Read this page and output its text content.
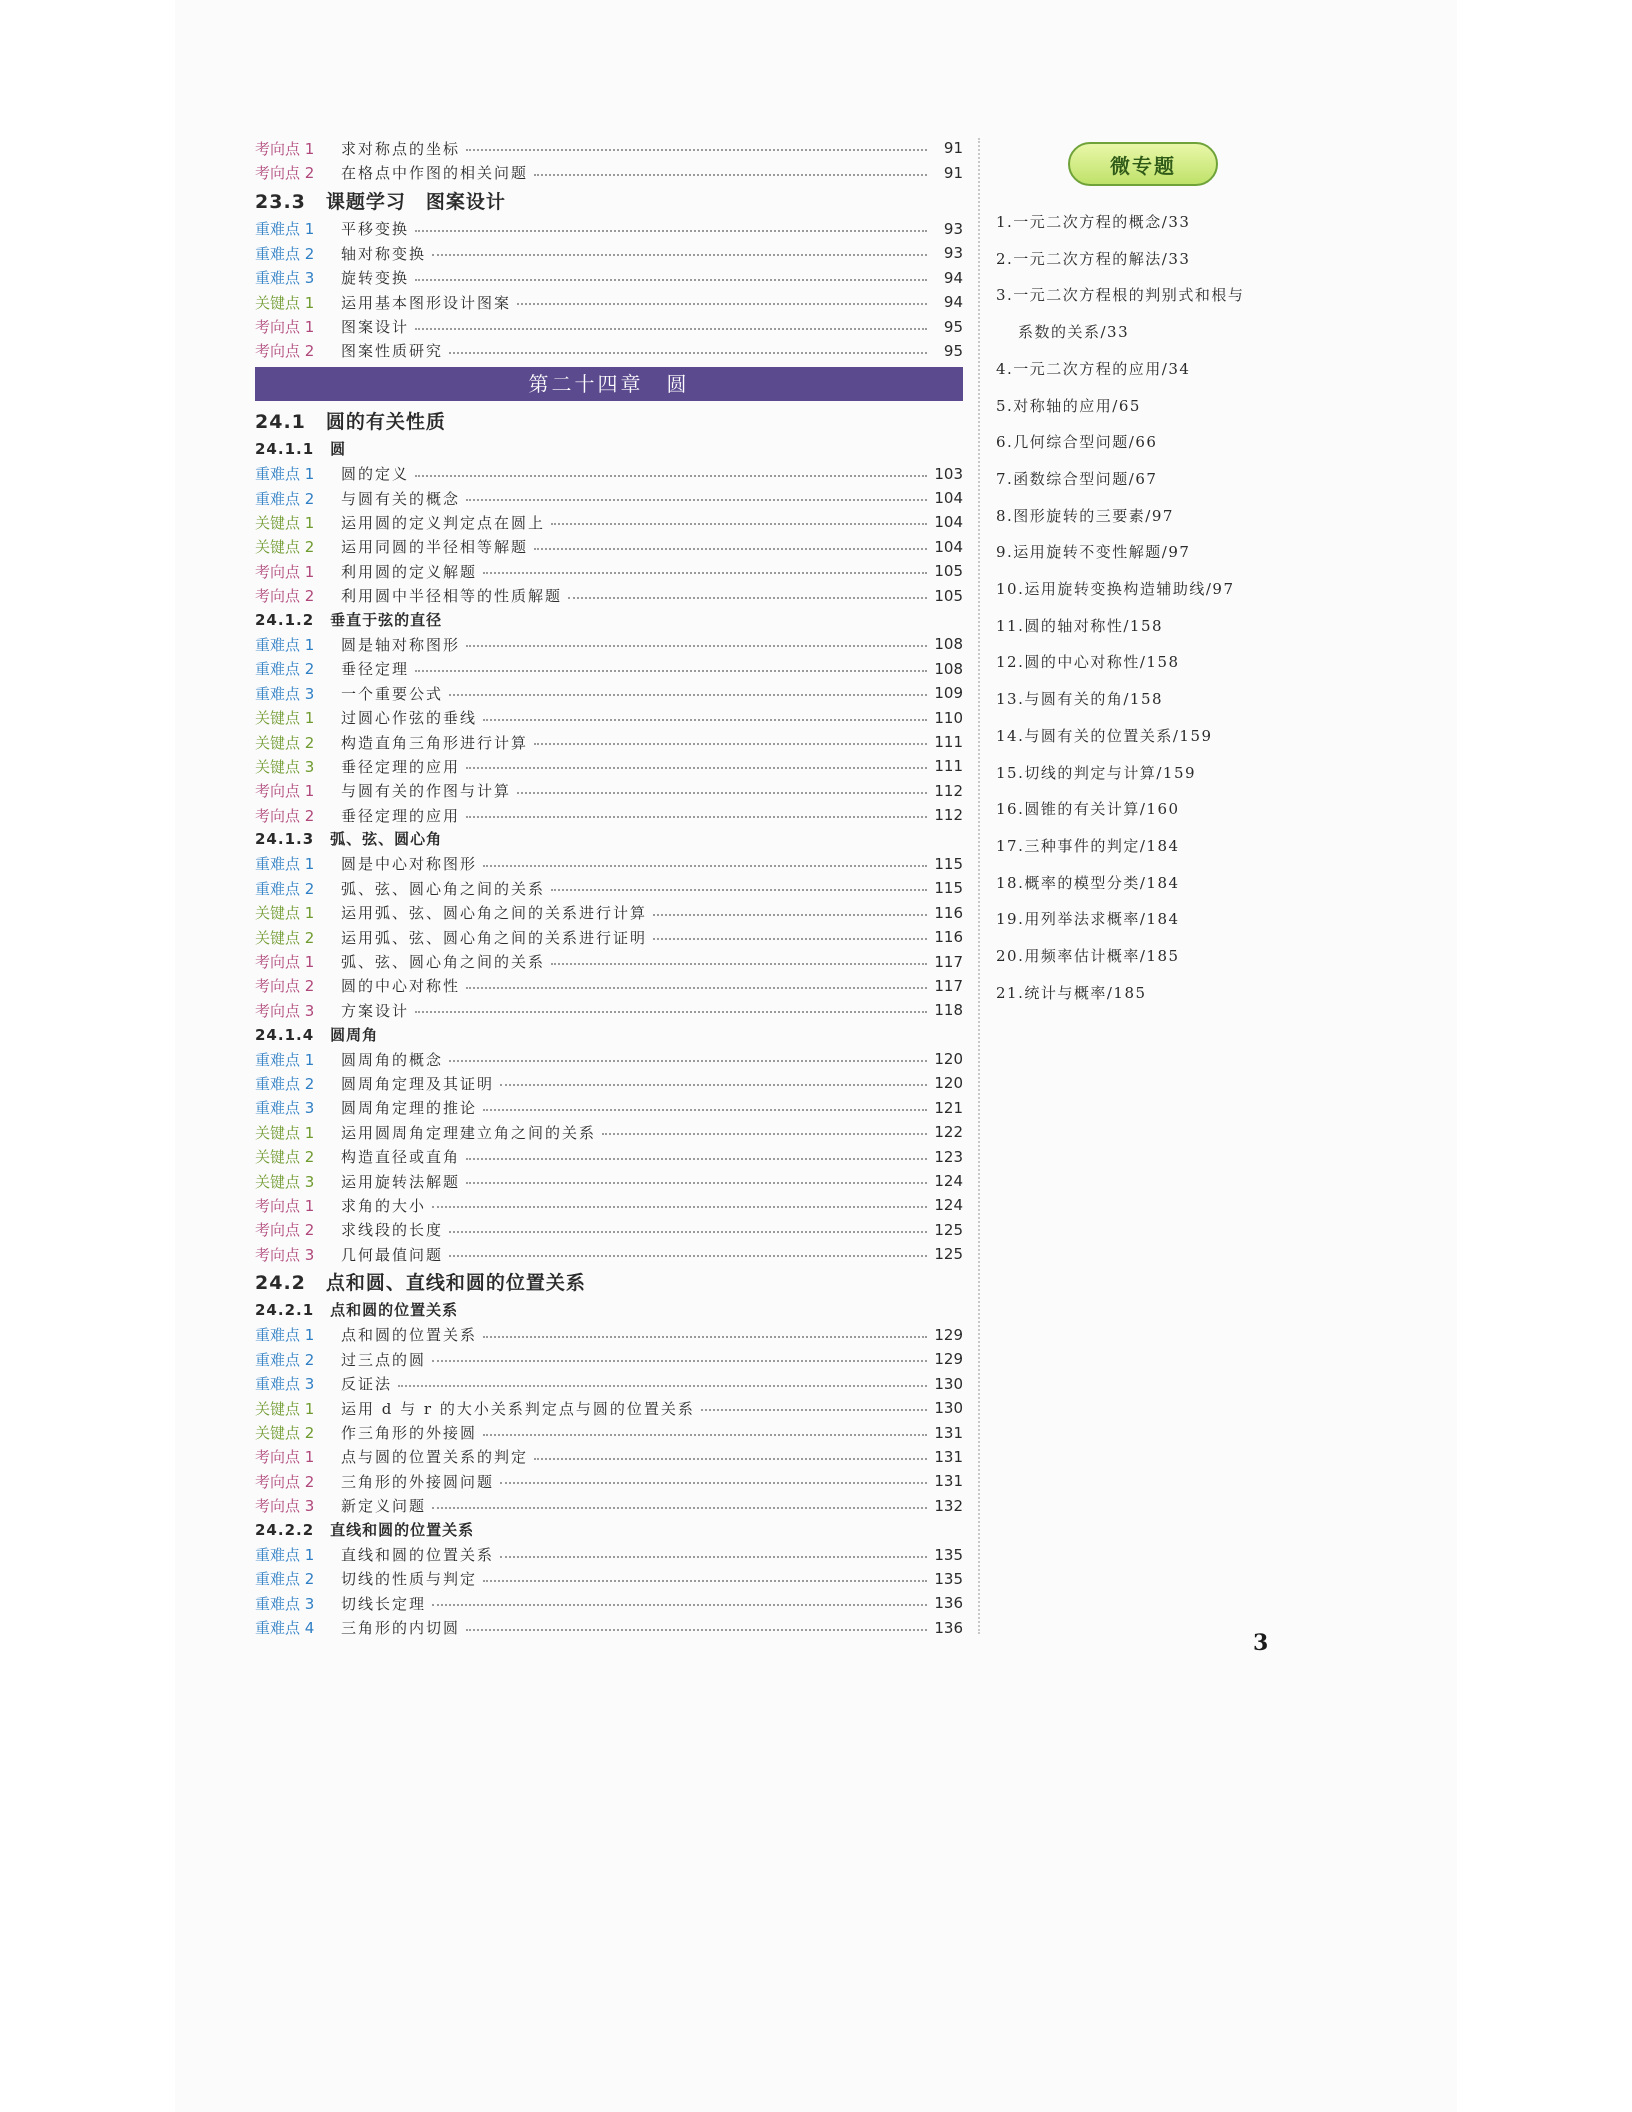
考向点 1	求对称点的坐标	91
考向点 2	在格点中作图的相关问题	91
23.3　课题学习　图案设计
重难点 1	平移变换	93
重难点 2	轴对称变换	93
重难点 3	旋转变换	94
关键点 1	运用基本图形设计图案	94
考向点 1	图案设计	95
考向点 2	图案性质研究	95
第二十四章　圆
24.1　圆的有关性质
24.1.1　圆
重难点 1	圆的定义	103
重难点 2	与圆有关的概念	104
关键点 1	运用圆的定义判定点在圆上	104
关键点 2	运用同圆的半径相等解题	104
考向点 1	利用圆的定义解题	105
考向点 2	利用圆中半径相等的性质解题	105
24.1.2　垂直于弦的直径
重难点 1	圆是轴对称图形	108
重难点 2	垂径定理	108
重难点 3	一个重要公式	109
关键点 1	过圆心作弦的垂线	110
关键点 2	构造直角三角形进行计算	111
关键点 3	垂径定理的应用	111
考向点 1	与圆有关的作图与计算	112
考向点 2	垂径定理的应用	112
24.1.3　弧、弦、圆心角
重难点 1	圆是中心对称图形	115
重难点 2	弧、弦、圆心角之间的关系	115
关键点 1	运用弧、弦、圆心角之间的关系进行计算	116
关键点 2	运用弧、弦、圆心角之间的关系进行证明	116
考向点 1	弧、弦、圆心角之间的关系	117
考向点 2	圆的中心对称性	117
考向点 3	方案设计	118
24.1.4　圆周角
重难点 1	圆周角的概念	120
重难点 2	圆周角定理及其证明	120
重难点 3	圆周角定理的推论	121
关键点 1	运用圆周角定理建立角之间的关系	122
关键点 2	构造直径或直角	123
关键点 3	运用旋转法解题	124
考向点 1	求角的大小	124
考向点 2	求线段的长度	125
考向点 3	几何最值问题	125
24.2　点和圆、直线和圆的位置关系
24.2.1　点和圆的位置关系
重难点 1	点和圆的位置关系	129
重难点 2	过三点的圆	129
重难点 3	反证法	130
关键点 1	运用 d 与 r 的大小关系判定点与圆的位置关系	130
关键点 2	作三角形的外接圆	131
考向点 1	点与圆的位置关系的判定	131
考向点 2	三角形的外接圆问题	131
考向点 3	新定义问题	132
24.2.2　直线和圆的位置关系
重难点 1	直线和圆的位置关系	135
重难点 2	切线的性质与判定	135
重难点 3	切线长定理	136
重难点 4	三角形的内切圆	136
微专题
1.一元二次方程的概念/33
2.一元二次方程的解法/33
3.一元二次方程根的判别式和根与
系数的关系/33
4.一元二次方程的应用/34
5.对称轴的应用/65
6.几何综合型问题/66
7.函数综合型问题/67
8.图形旋转的三要素/97
9.运用旋转不变性解题/97
10.运用旋转变换构造辅助线/97
11.圆的轴对称性/158
12.圆的中心对称性/158
13.与圆有关的角/158
14.与圆有关的位置关系/159
15.切线的判定与计算/159
16.圆锥的有关计算/160
17.三种事件的判定/184
18.概率的模型分类/184
19.用列举法求概率/184
20.用频率估计概率/185
21.统计与概率/185
3
